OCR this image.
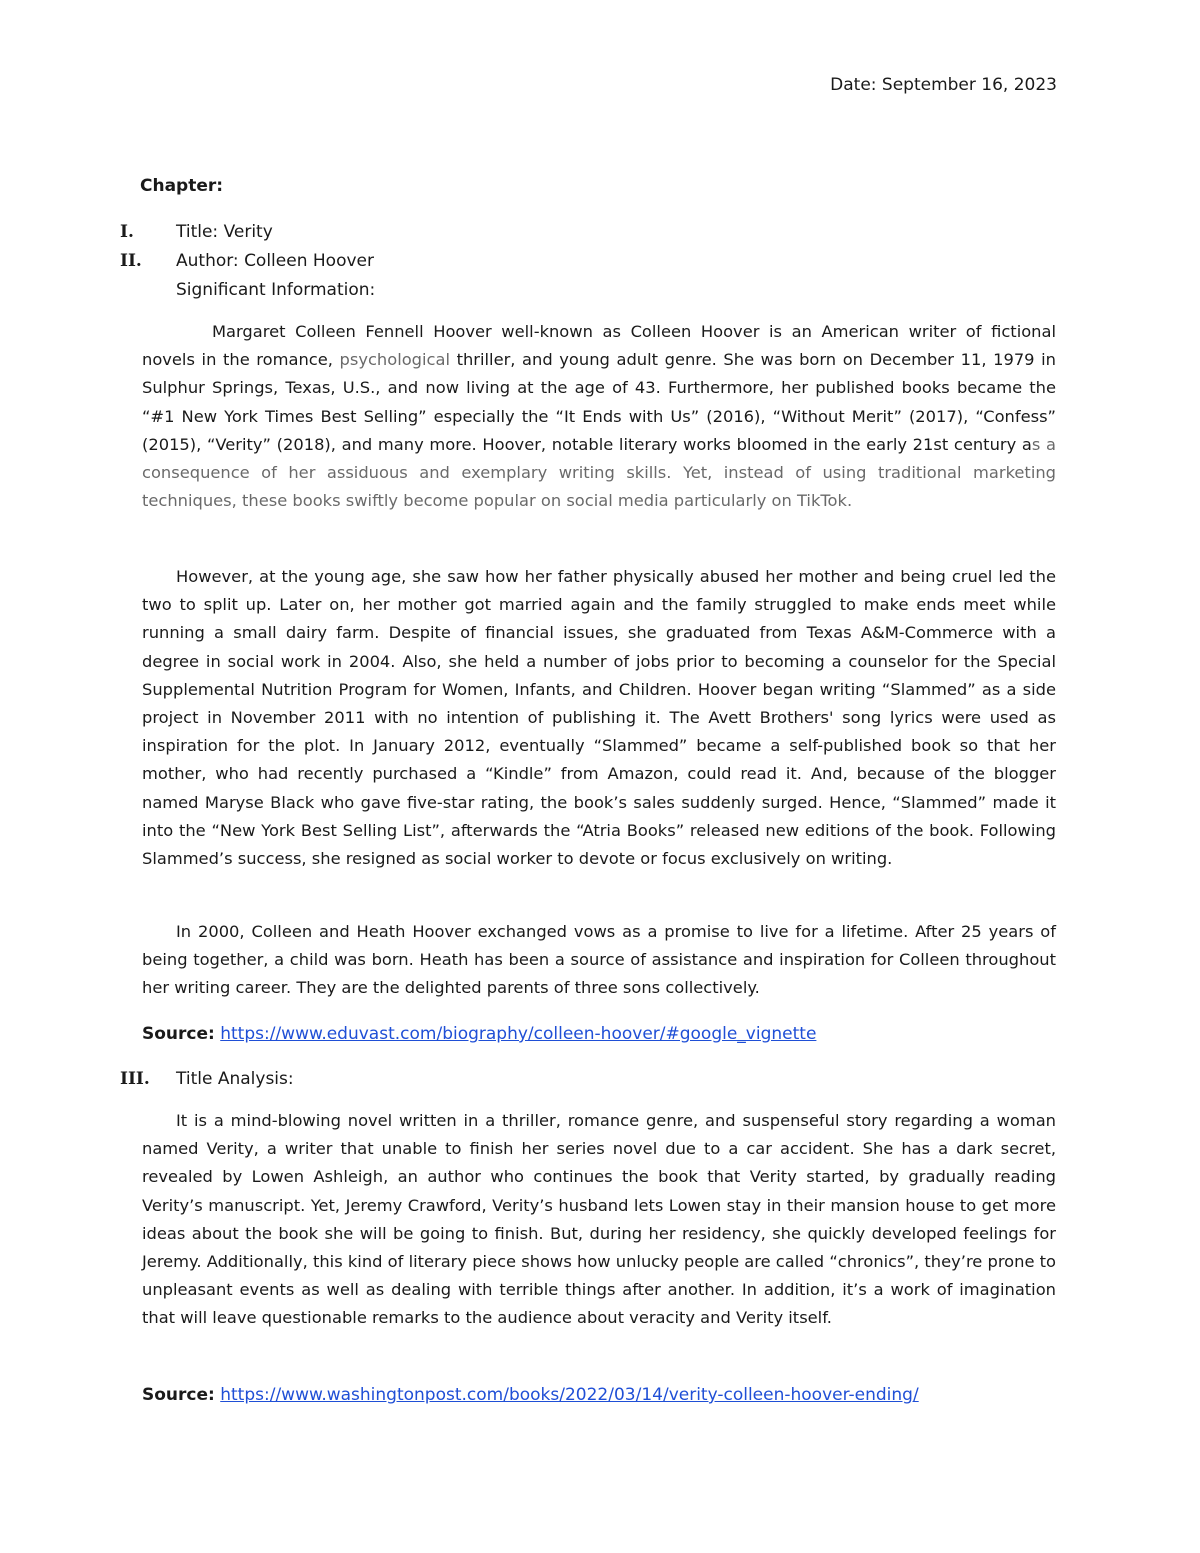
Date: September 16, 2023
Chapter:
I. Title: Verity
II. Author: Colleen Hoover
Significant Information:

Margaret Colleen Fennell Hoover well-known as Colleen Hoover is an American writer of fictional novels in the romance, psychological thriller, and young adult genre. She was born on December 11, 1979 in Sulphur Springs, Texas, U.S., and now living at the age of 43. Furthermore, her published books became the “#1 New York Times Best Selling” especially the “It Ends with Us” (2016), “Without Merit” (2017), “Confess” (2015), “Verity” (2018), and many more. Hoover, notable literary works bloomed in the early 21st century as a consequence of her assiduous and exemplary writing skills. Yet, instead of using traditional marketing techniques, these books swiftly become popular on social media particularly on TikTok.

However, at the young age, she saw how her father physically abused her mother and being cruel led the two to split up. Later on, her mother got married again and the family struggled to make ends meet while running a small dairy farm. Despite of financial issues, she graduated from Texas A&M-Commerce with a degree in social work in 2004. Also, she held a number of jobs prior to becoming a counselor for the Special Supplemental Nutrition Program for Women, Infants, and Children. Hoover began writing “Slammed” as a side project in November 2011 with no intention of publishing it. The Avett Brothers' song lyrics were used as inspiration for the plot. In January 2012, eventually “Slammed” became a self-published book so that her mother, who had recently purchased a “Kindle” from Amazon, could read it. And, because of the blogger named Maryse Black who gave five-star rating, the book’s sales suddenly surged. Hence, “Slammed” made it into the “New York Best Selling List”, afterwards the “Atria Books” released new editions of the book. Following Slammed’s success, she resigned as social worker to devote or focus exclusively on writing.

In 2000, Colleen and Heath Hoover exchanged vows as a promise to live for a lifetime. After 25 years of being together, a child was born. Heath has been a source of assistance and inspiration for Colleen throughout her writing career. They are the delighted parents of three sons collectively.

Source: https://www.eduvast.com/biography/colleen-hoover/#google_vignette
III. Title Analysis:

It is a mind-blowing novel written in a thriller, romance genre, and suspenseful story regarding a woman named Verity, a writer that unable to finish her series novel due to a car accident. She has a dark secret, revealed by Lowen Ashleigh, an author who continues the book that Verity started, by gradually reading Verity’s manuscript. Yet, Jeremy Crawford, Verity’s husband lets Lowen stay in their mansion house to get more ideas about the book she will be going to finish. But, during her residency, she quickly developed feelings for Jeremy. Additionally, this kind of literary piece shows how unlucky people are called “chronics”, they’re prone to unpleasant events as well as dealing with terrible things after another. In addition, it’s a work of imagination that will leave questionable remarks to the audience about veracity and Verity itself.

Source: https://www.washingtonpost.com/books/2022/03/14/verity-colleen-hoover-ending/
